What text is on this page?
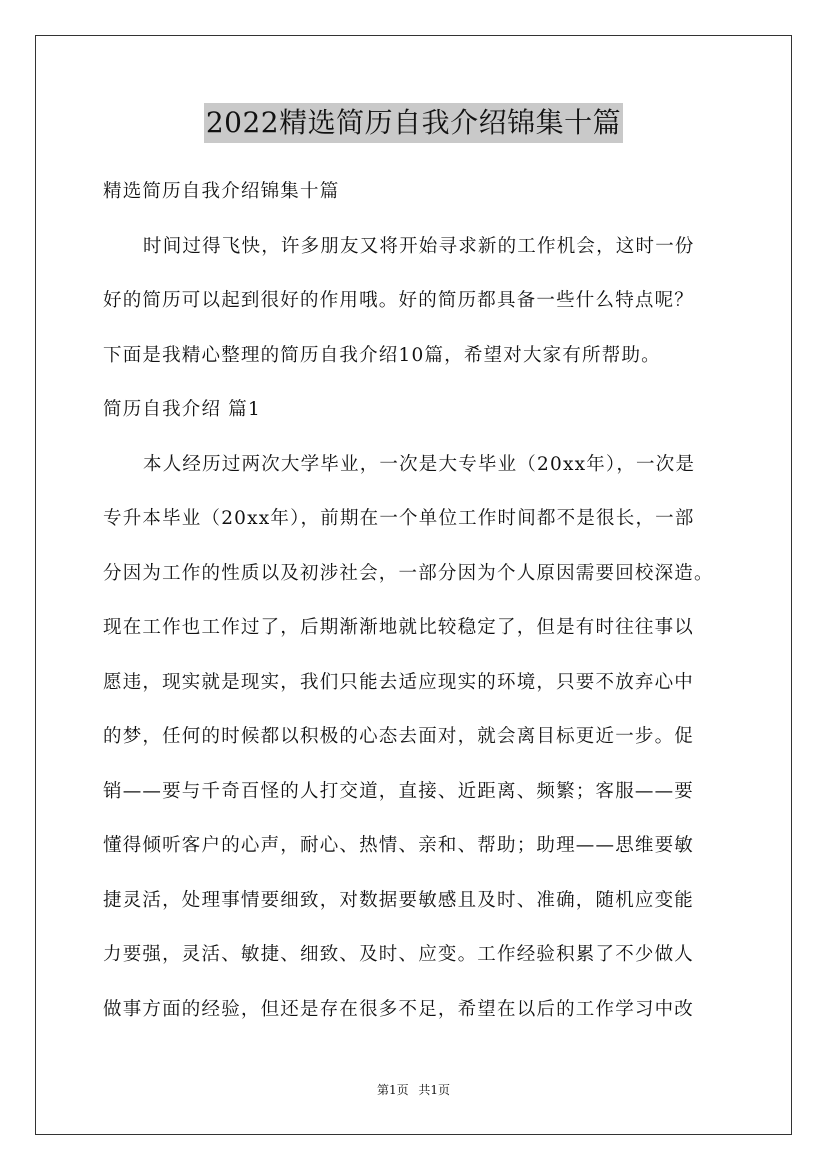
2022精选简历自我介绍锦集十篇
精选简历自我介绍锦集十篇
时间过得飞快，许多朋友又将开始寻求新的工作机会，这时一份
好的简历可以起到很好的作用哦。好的简历都具备一些什么特点呢？
下面是我精心整理的简历自我介绍10篇，希望对大家有所帮助。
简历自我介绍 篇1
本人经历过两次大学毕业，一次是大专毕业（20xx年），一次是
专升本毕业（20xx年），前期在一个单位工作时间都不是很长，一部
分因为工作的性质以及初涉社会，一部分因为个人原因需要回校深造。
现在工作也工作过了，后期渐渐地就比较稳定了，但是有时往往事以
愿违，现实就是现实，我们只能去适应现实的环境，只要不放弃心中
的梦，任何的时候都以积极的心态去面对，就会离目标更近一步。促
销——要与千奇百怪的人打交道，直接、近距离、频繁；客服——要
懂得倾听客户的心声，耐心、热情、亲和、帮助；助理——思维要敏
捷灵活，处理事情要细致，对数据要敏感且及时、准确，随机应变能
力要强，灵活、敏捷、细致、及时、应变。工作经验积累了不少做人
做事方面的经验，但还是存在很多不足，希望在以后的工作学习中改
第1页 共1页
